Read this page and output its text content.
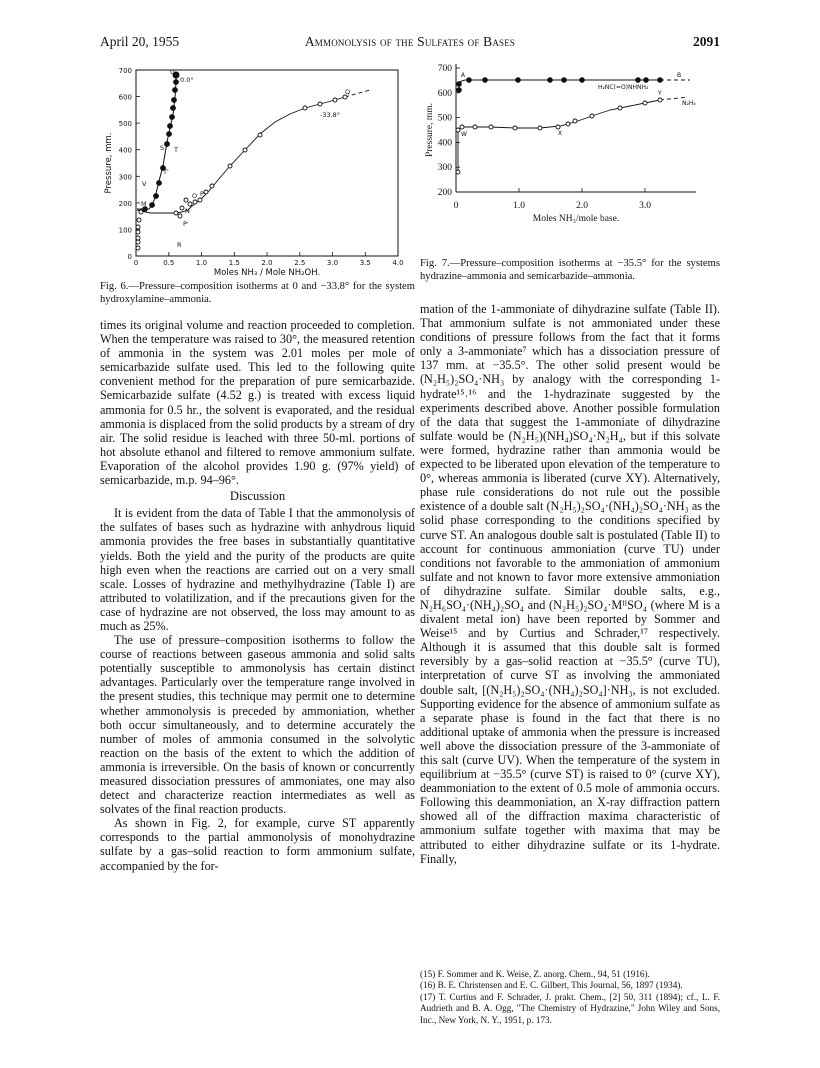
April 20, 1955	Ammonolysis of the Sulfates of Bases	2091
700
600
500
400
300
200
100
0
0	0.5	1.0	1.5	2.0	2.5	3.0	3.5	4.0
Moles NH₃ / Mole NH₂OH.
Pressure, mm.
U
0.0°
-33.8°
Q
S T
T'
V
M
N
O P
P'
R
Fig. 6.—Pressure–composition isotherms at 0 and −33.8° for the system hydroxylamine–ammonia.
700
600
500
400
300
200
0	1.0	2.0	3.0
Moles NH₃/mole base.
Pressure, mm.
A	B
H₂NC(=O)NHNH₂
W	X
Y
N₂H₄
Fig. 7.—Pressure–composition isotherms at −35.5° for the systems hydrazine–ammonia and semicarbazide–ammonia.

times its original volume and reaction proceeded to completion. When the temperature was raised to 30°, the measured retention of ammonia in the system was 2.01 moles per mole of semicarbazide sulfate used. This led to the following quite convenient method for the preparation of pure semicarbazide. Semicarbazide sulfate (4.52 g.) is treated with excess liquid ammonia for 0.5 hr., the solvent is evaporated, and the residual ammonia is displaced from the solid products by a stream of dry air. The solid residue is leached with three 50-ml. portions of hot absolute ethanol and filtered to remove ammonium sulfate. Evaporation of the alcohol provides 1.90 g. (97% yield) of semicarbazide, m.p. 94–96°.

Discussion

It is evident from the data of Table I that the ammonolysis of the sulfates of bases such as hydrazine with anhydrous liquid ammonia provides the free bases in substantially quantitative yields. Both the yield and the purity of the products are quite high even when the reactions are carried out on a very small scale. Losses of hydrazine and methylhydrazine (Table I) are attributed to volatilization, and if the precautions given for the case of hydrazine are not observed, the loss may amount to as much as 25%.

The use of pressure–composition isotherms to follow the course of reactions between gaseous ammonia and solid salts potentially susceptible to ammonolysis has certain distinct advantages. Particularly over the temperature range involved in the present studies, this technique may permit one to determine whether ammonolysis is preceded by ammoniation, whether both occur simultaneously, and to determine accurately the number of moles of ammonia consumed in the solvolytic reaction on the basis of the extent to which the addition of ammonia is irreversible. On the basis of known or concurrently measured dissociation pressures of ammoniates, one may also detect and characterize reaction intermediates as well as solvates of the final reaction products.

As shown in Fig. 2, for example, curve ST apparently corresponds to the partial ammonolysis of monohydrazine sulfate by a gas–solid reaction to form ammonium sulfate, accompanied by the for-

mation of the 1-ammoniate of dihydrazine sulfate (Table II). That ammonium sulfate is not ammoniated under these conditions of pressure follows from the fact that it forms only a 3-ammoniate⁷ which has a dissociation pressure of 137 mm. at −35.5°. The other solid present would be (N₂H₅)₂SO₄·NH₃ by analogy with the corresponding 1-hydrate¹⁵˒¹⁶ and the 1-hydrazinate suggested by the experiments described above. Another possible formulation of the data that suggest the 1-ammoniate of dihydrazine sulfate would be (N₂H₅)(NH₄)SO₄·N₂H₄, but if this solvate were formed, hydrazine rather than ammonia would be expected to be liberated upon elevation of the temperature to 0°, whereas ammonia is liberated (curve XY). Alternatively, phase rule considerations do not rule out the possible existence of a double salt (N₂H₅)₂SO₄·(NH₄)₂SO₄·NH₃ as the solid phase corresponding to the conditions specified by curve ST. An analogous double salt is postulated (Table II) to account for continuous ammoniation (curve TU) under conditions not favorable to the ammoniation of ammonium sulfate and not known to favor more extensive ammoniation of dihydrazine sulfate. Similar double salts, e.g., N₂H₆SO₄·(NH₄)₂SO₄ and (N₂H₅)₂SO₄·MᴵᴵSO₄ (where M is a divalent metal ion) have been reported by Sommer and Weise¹⁵ and by Curtius and Schrader,¹⁷ respectively. Although it is assumed that this double salt is formed reversibly by a gas–solid reaction at −35.5° (curve TU), interpretation of curve ST as involving the ammoniated double salt, [(N₂H₅)₂SO₄·(NH₄)₂SO₄]·NH₃, is not excluded. Supporting evidence for the absence of ammonium sulfate as a separate phase is found in the fact that there is no additional uptake of ammonia when the pressure is increased well above the dissociation pressure of the 3-ammoniate of this salt (curve UV). When the temperature of the system in equilibrium at −35.5° (curve ST) is raised to 0° (curve XY), deammoniation to the extent of 0.5 mole of ammonia occurs. Following this deammoniation, an X-ray diffraction pattern showed all of the diffraction maxima characteristic of ammonium sulfate together with maxima that may be attributed to either dihydrazine sulfate or its 1-hydrate. Finally,

(15) F. Sommer and K. Weise, Z. anorg. Chem., 94, 51 (1916).

(16) B. E. Christensen and E. C. Gilbert, This Journal, 56, 1897 (1934).

(17) T. Curtius and F. Schrader, J. prakt. Chem., [2] 50, 311 (1894); cf., L. F. Audrieth and B. A. Ogg, "The Chemistry of Hydrazine," John Wiley and Sons, Inc., New York, N. Y., 1951, p. 173.
